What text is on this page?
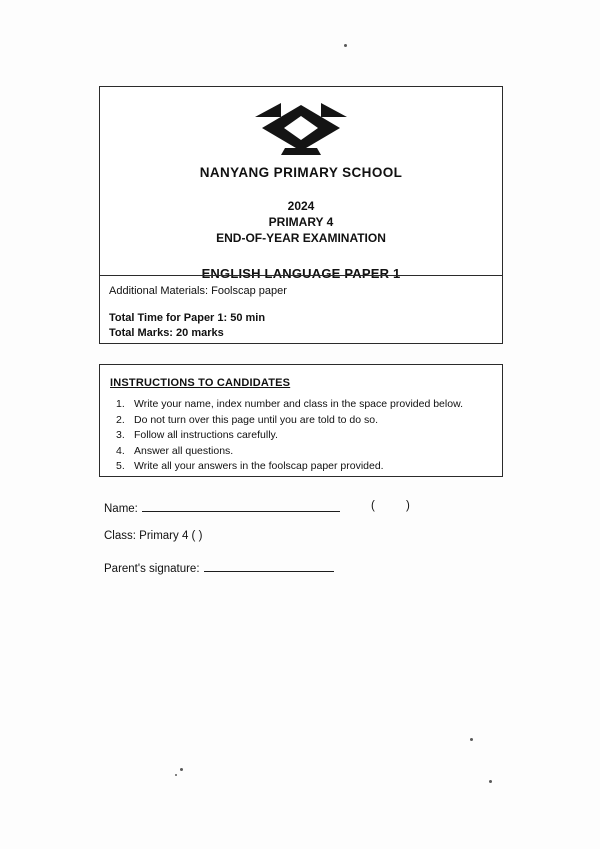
NANYANG PRIMARY SCHOOL
2024
PRIMARY 4
END-OF-YEAR EXAMINATION
ENGLISH LANGUAGE PAPER 1
Additional Materials: Foolscap paper
Total Time for Paper 1: 50 min
Total Marks: 20 marks
INSTRUCTIONS TO CANDIDATES
1. Write your name, index number and class in the space provided below.
2. Do not turn over this page until you are told to do so.
3. Follow all instructions carefully.
4. Answer all questions.
5. Write all your answers in the foolscap paper provided.
Name:	( )
Class: Primary 4 ( )
Parent's signature:
